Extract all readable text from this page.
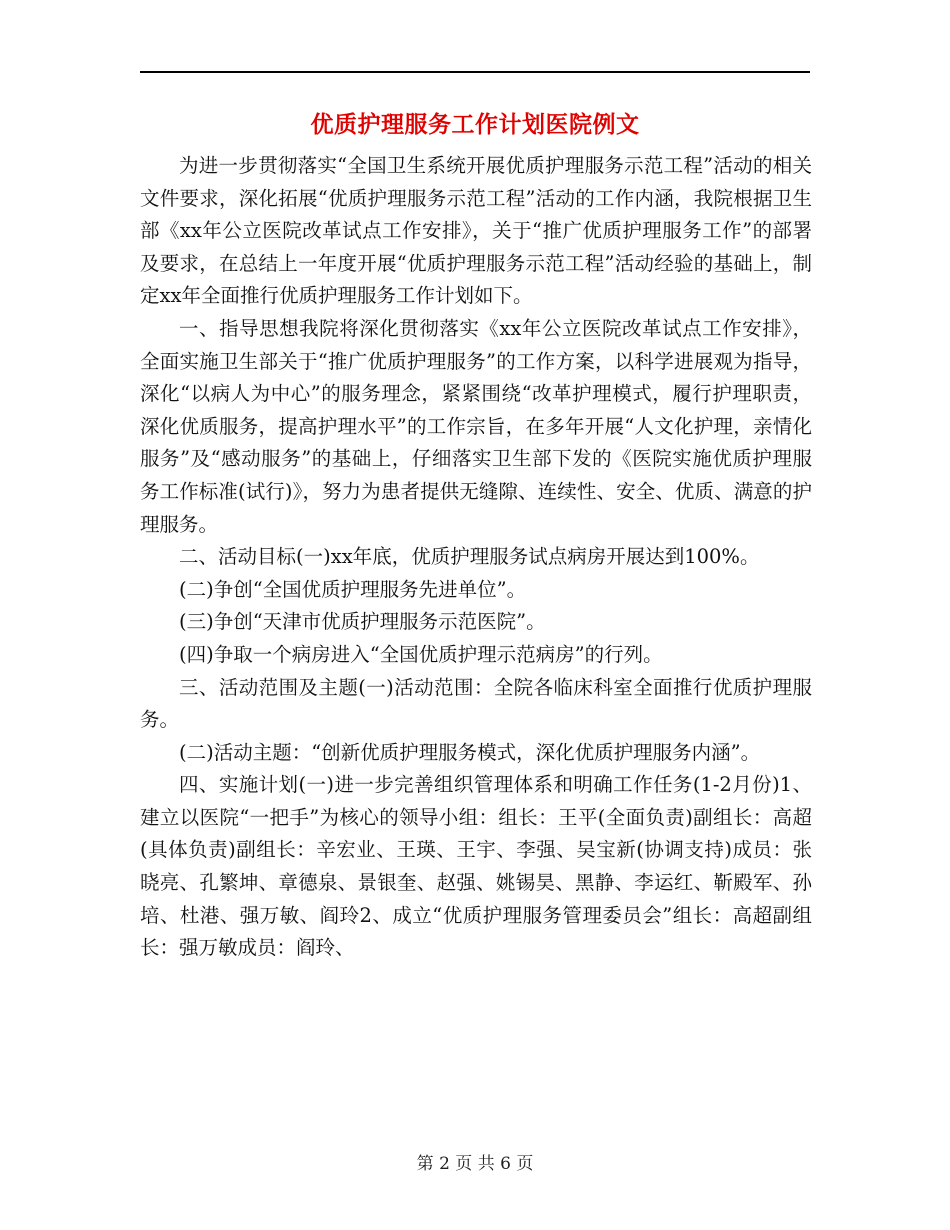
优质护理服务工作计划医院例文

为进一步贯彻落实“全国卫生系统开展优质护理服务示范工程”活动的相关文件要求，深化拓展“优质护理服务示范工程”活动的工作内涵，我院根据卫生部《xx年公立医院改革试点工作安排》，关于“推广优质护理服务工作”的部署及要求，在总结上一年度开展“优质护理服务示范工程”活动经验的基础上，制定xx年全面推行优质护理服务工作计划如下。

一、指导思想我院将深化贯彻落实《xx年公立医院改革试点工作安排》，全面实施卫生部关于“推广优质护理服务”的工作方案，以科学进展观为指导，深化“以病人为中心”的服务理念，紧紧围绕“改革护理模式，履行护理职责，深化优质服务，提高护理水平”的工作宗旨，在多年开展“人文化护理，亲情化服务”及“感动服务”的基础上，仔细落实卫生部下发的《医院实施优质护理服务工作标准(试行)》，努力为患者提供无缝隙、连续性、安全、优质、满意的护理服务。

二、活动目标(一)xx年底，优质护理服务试点病房开展达到100%。

(二)争创“全国优质护理服务先进单位”。

(三)争创“天津市优质护理服务示范医院”。

(四)争取一个病房进入“全国优质护理示范病房”的行列。

三、活动范围及主题(一)活动范围：全院各临床科室全面推行优质护理服务。

(二)活动主题：“创新优质护理服务模式，深化优质护理服务内涵”。

四、实施计划(一)进一步完善组织管理体系和明确工作任务(1-2月份)1、建立以医院“一把手”为核心的领导小组：组长：王平(全面负责)副组长：高超(具体负责)副组长：辛宏业、王瑛、王宇、李强、吴宝新(协调支持)成员：张晓亮、孔繁坤、章德泉、景银奎、赵强、姚锡昊、黑静、李运红、靳殿军、孙培、杜港、强万敏、阎玲2、成立“优质护理服务管理委员会”组长：高超副组长：强万敏成员：阎玲、

第 2 页 共 6 页
